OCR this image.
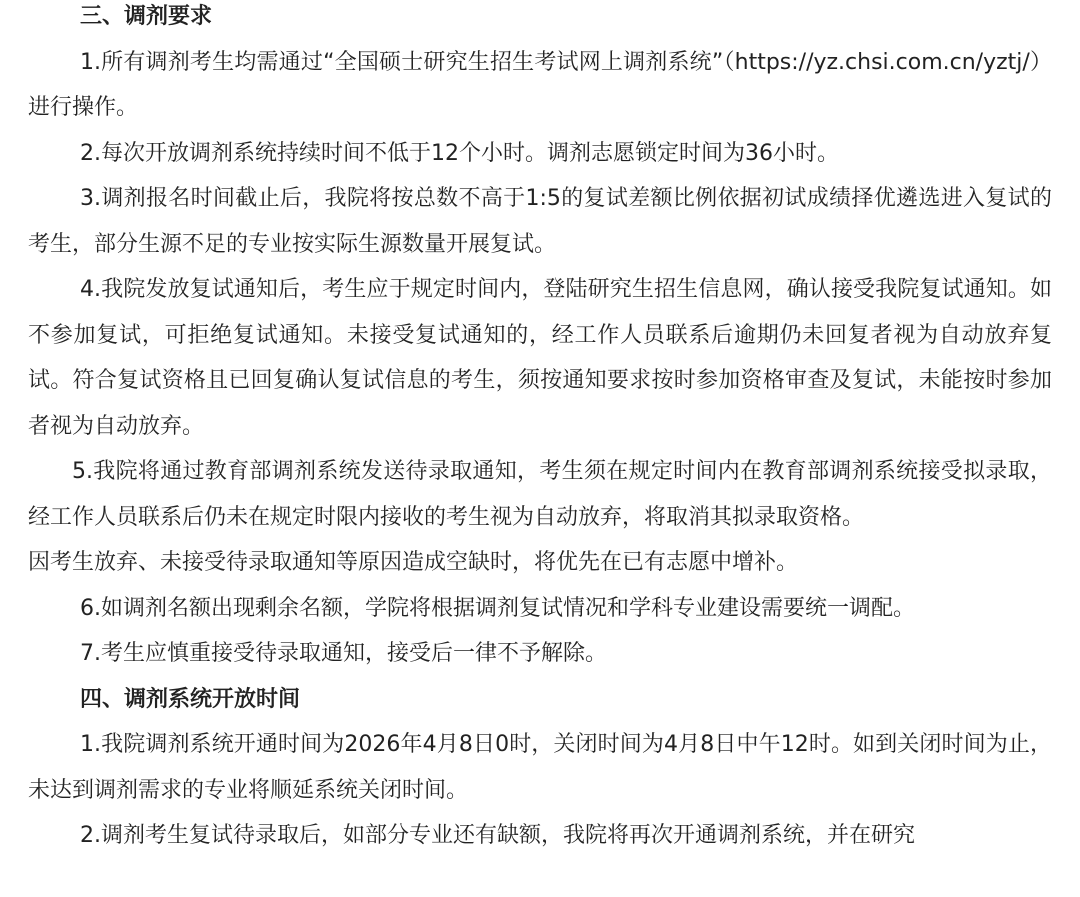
三、调剂要求

1.所有调剂考生均需通过“全国硕士研究生招生考试网上调剂系统”（https://yz.chsi.com.cn/yztj/）进行操作。

2.每次开放调剂系统持续时间不低于12个小时。调剂志愿锁定时间为36小时。

3.调剂报名时间截止后，我院将按总数不高于1:5的复试差额比例依据初试成绩择优遴选进入复试的考生，部分生源不足的专业按实际生源数量开展复试。

4.我院发放复试通知后，考生应于规定时间内，登陆研究生招生信息网，确认接受我院复试通知。如不参加复试，可拒绝复试通知。未接受复试通知的，经工作人员联系后逾期仍未回复者视为自动放弃复试。符合复试资格且已回复确认复试信息的考生，须按通知要求按时参加资格审查及复试，未能按时参加者视为自动放弃。

5.我院将通过教育部调剂系统发送待录取通知，考生须在规定时间内在教育部调剂系统接受拟录取，经工作人员联系后仍未在规定时限内接收的考生视为自动放弃，将取消其拟录取资格。

因考生放弃、未接受待录取通知等原因造成空缺时，将优先在已有志愿中增补。

6.如调剂名额出现剩余名额，学院将根据调剂复试情况和学科专业建设需要统一调配。

7.考生应慎重接受待录取通知，接受后一律不予解除。

四、调剂系统开放时间

1.我院调剂系统开通时间为2026年4月8日0时，关闭时间为4月8日中午12时。如到关闭时间为止，未达到调剂需求的专业将顺延系统关闭时间。

2.调剂考生复试待录取后，如部分专业还有缺额，我院将再次开通调剂系统，并在研究
